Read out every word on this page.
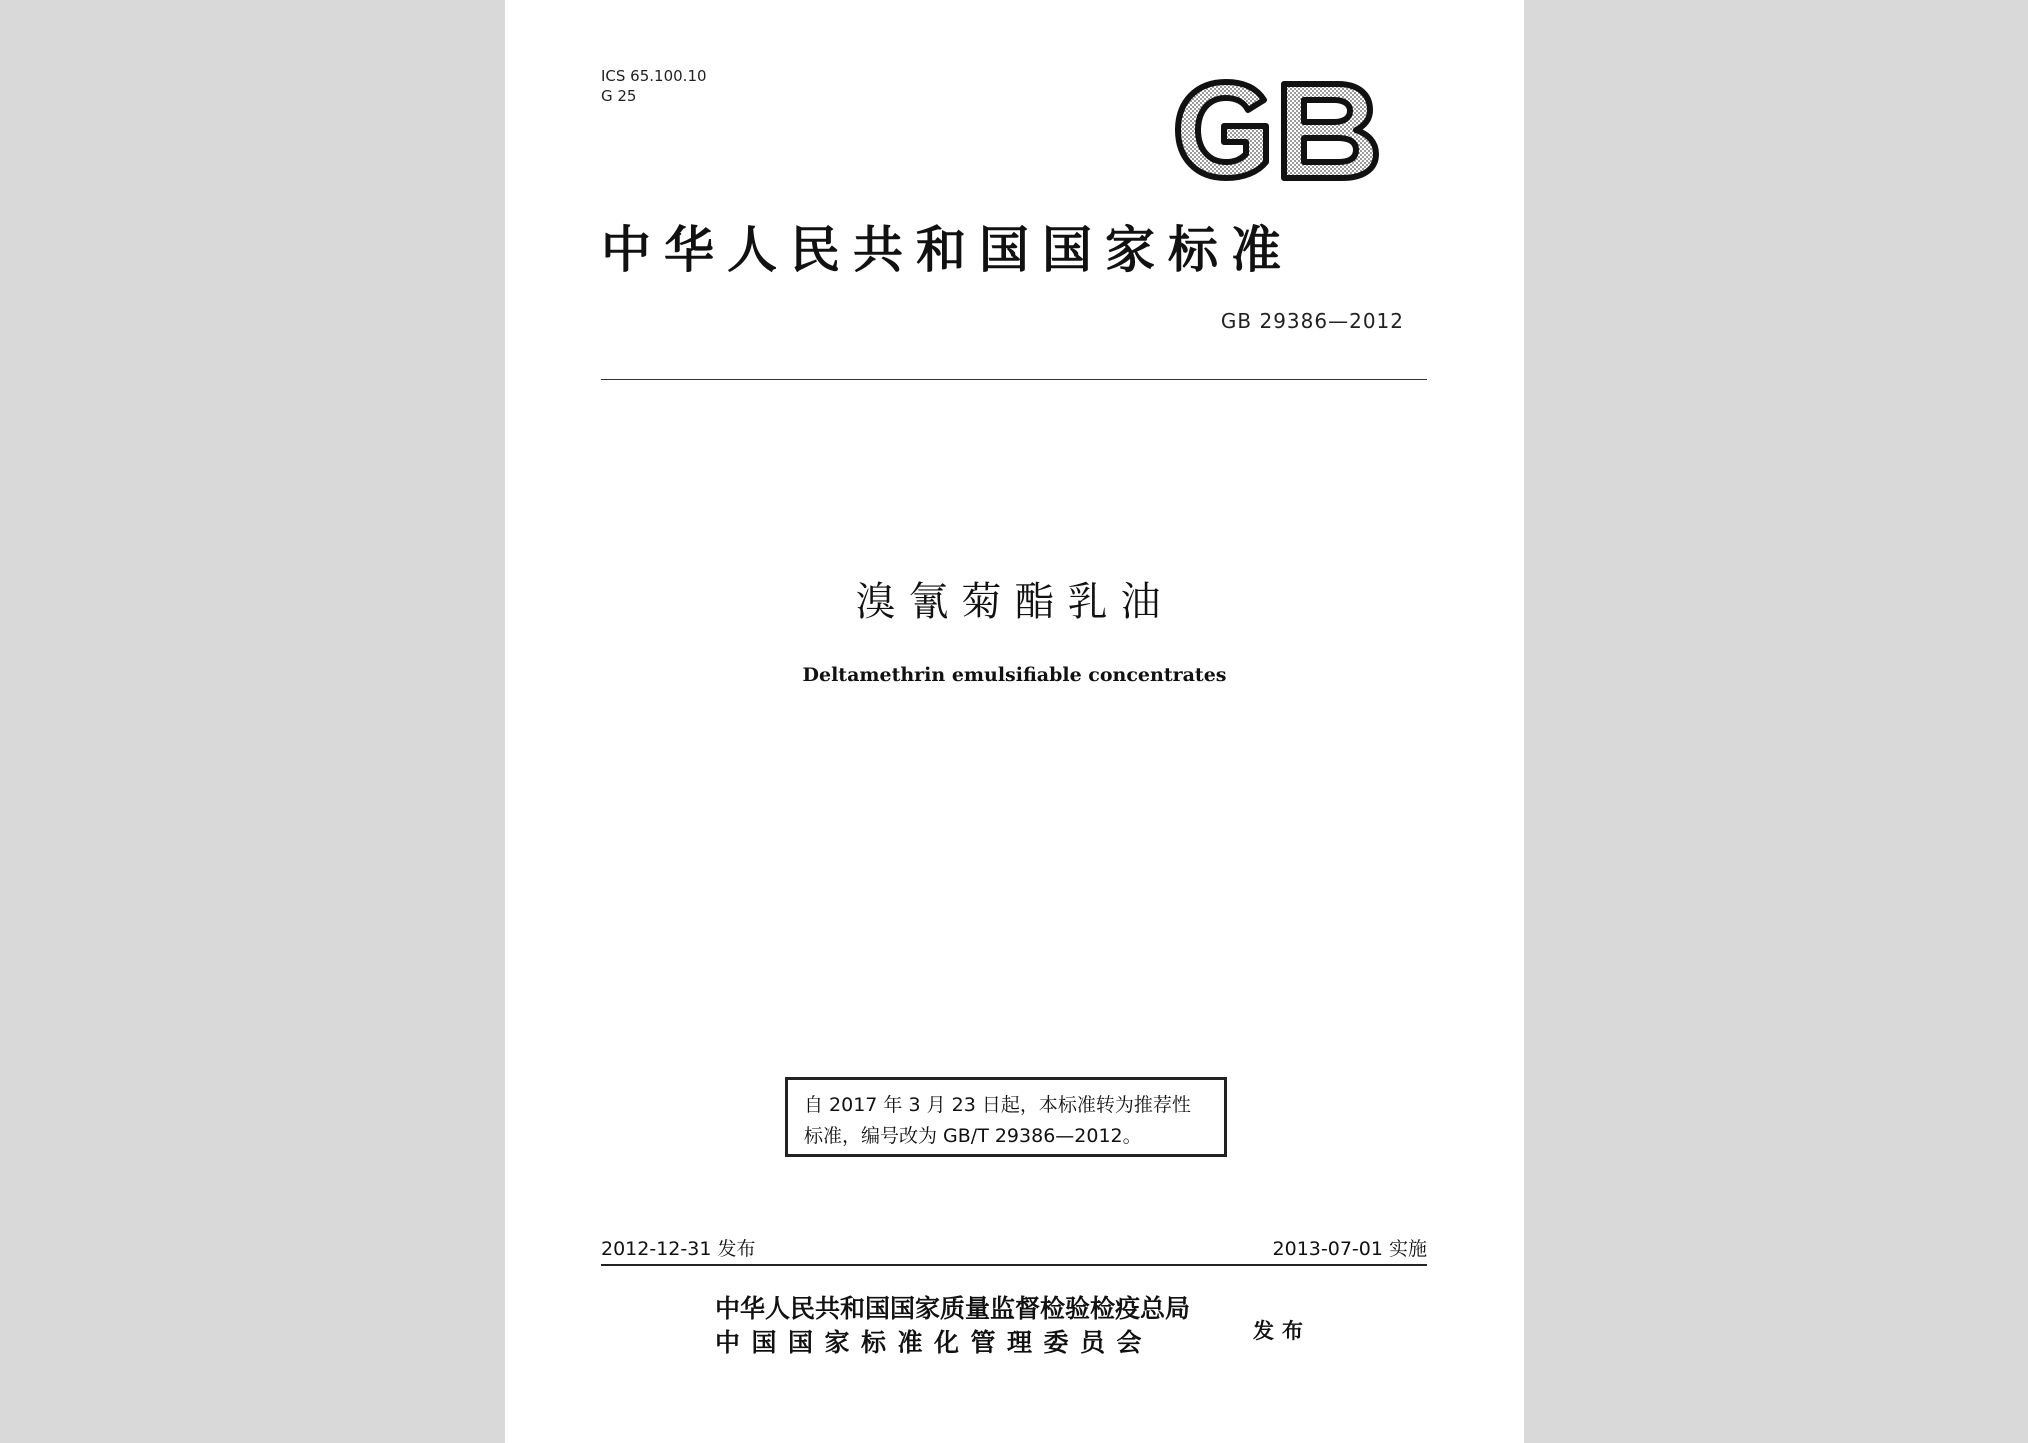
ICS 65.100.10
G 25
中华人民共和国国家标准
GB 29386—2012
溴氰菊酯乳油
Deltamethrin emulsifiable concentrates
自 2017 年 3 月 23 日起，本标准转为推荐性
标准，编号改为 GB/T 29386—2012。
2012-12-31 发布	2013-07-01 实施
中华人民共和国国家质量监督检验检疫总局
中国国家标准化管理委员会	发布
